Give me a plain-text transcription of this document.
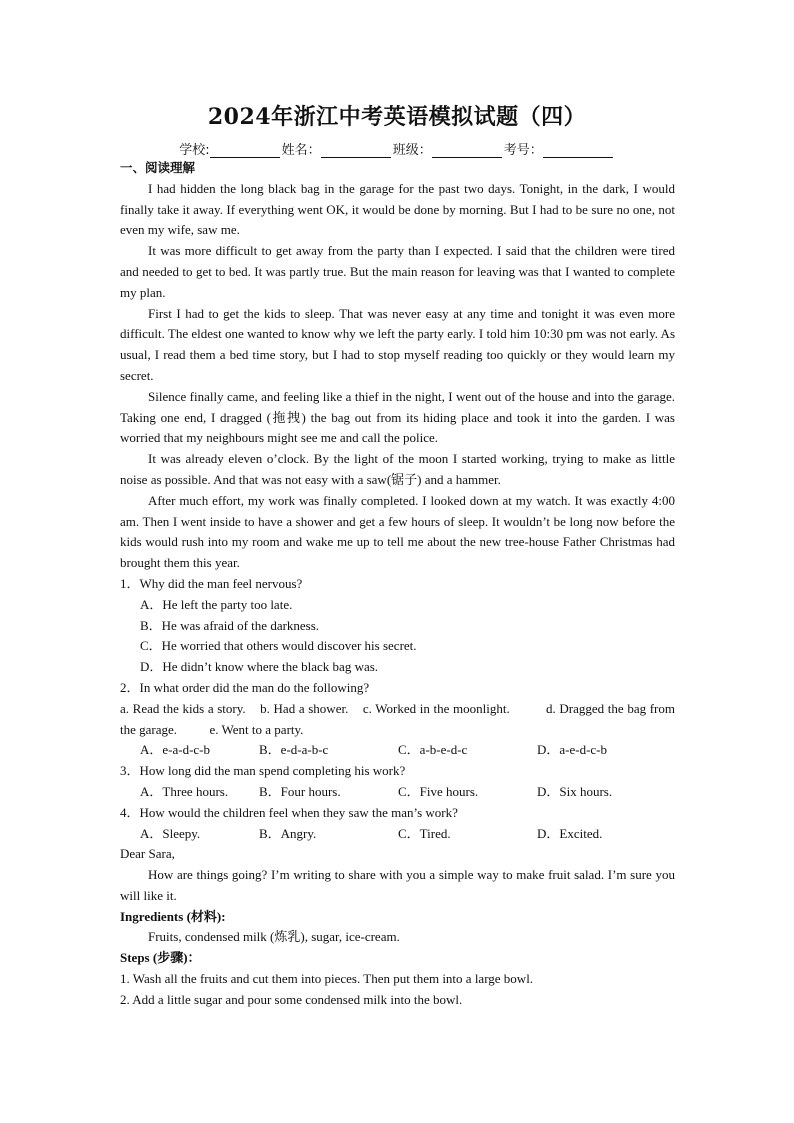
2024年浙江中考英语模拟试题（四）
学校:	姓名：	班级：	考号：

一、阅读理解

I had hidden the long black bag in the garage for the past two days. Tonight, in the dark, I would finally take it away. If everything went OK, it would be done by morning. But I had to be sure no one, not even my wife, saw me.

It was more difficult to get away from the party than I expected. I said that the children were tired and needed to get to bed. It was partly true. But the main reason for leaving was that I wanted to complete my plan.

First I had to get the kids to sleep. That was never easy at any time and tonight it was even more difficult. The eldest one wanted to know why we left the party early. I told him 10:30 pm was not early. As usual, I read them a bed time story, but I had to stop myself reading too quickly or they would learn my secret.

Silence finally came, and feeling like a thief in the night, I went out of the house and into the garage. Taking one end, I dragged (拖拽) the bag out from its hiding place and took it into the garden. I was worried that my neighbours might see me and call the police.

It was already eleven o’clock. By the light of the moon I started working, trying to make as little noise as possible. And that was not easy with a saw(锯子) and a hammer.

After much effort, my work was finally completed. I looked down at my watch. It was exactly 4:00 am. Then I went inside to have a shower and get a few hours of sleep. It wouldn’t be long now before the kids would rush into my room and wake me up to tell me about the new tree-house Father Christmas had brought them this year.

1．Why did the man feel nervous?

A．He left the party too late.

B．He was afraid of the darkness.

C．He worried that others would discover his secret.

D．He didn’t know where the black bag was.

2．In what order did the man do the following?

a. Read the kids a story.    b. Had a shower.    c. Worked in the moonlight.          d. Dragged the bag from the garage.          e. Went to a party.

A．e-a-d-c-b	B．e-d-a-b-c	C．a-b-e-d-c	D．a-e-d-c-b

3．How long did the man spend completing his work?

A．Three hours.	B．Four hours.	C．Five hours.	D．Six hours.

4．How would the children feel when they saw the man’s work?

A．Sleepy.	B．Angry.	C．Tired.	D．Excited.

Dear Sara,

How are things going? I’m writing to share with you a simple way to make fruit salad. I’m sure you will like it.

Ingredients (材料):

Fruits, condensed milk (炼乳), sugar, ice-cream.

Steps (步骤)：

1. Wash all the fruits and cut them into pieces. Then put them into a large bowl.

2. Add a little sugar and pour some condensed milk into the bowl.
